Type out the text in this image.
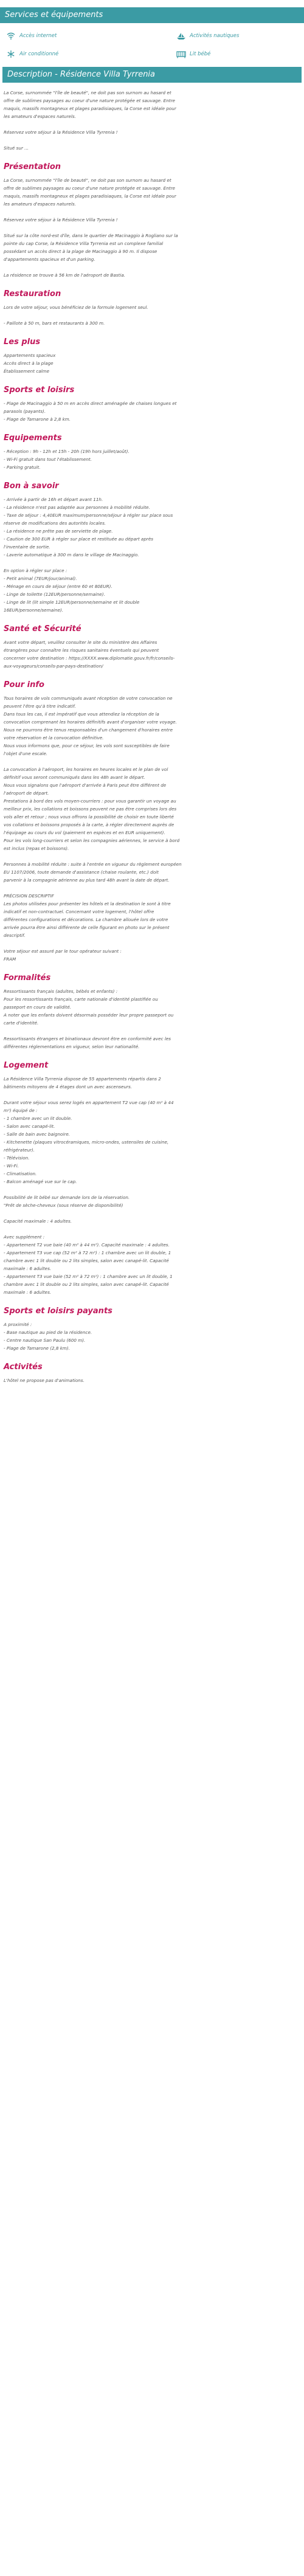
Services et équipements
Accès internet	Activités nautiques
Air conditionné	Lit bébé
Description - Résidence Villa Tyrrenia

La Corse, surnommée "l'île de beauté", ne doit pas son surnom au hasard et

offre de sublimes paysages au coeur d'une nature protégée et sauvage. Entre

maquis, massifs montagneux et plages paradisiaques, la Corse est idéale pour

les amateurs d'espaces naturels.

Réservez votre séjour à la Résidence Villa Tyrrenia !

Situé sur ...

Présentation

La Corse, surnommée "l'île de beauté", ne doit pas son surnom au hasard et

offre de sublimes paysages au coeur d'une nature protégée et sauvage. Entre

maquis, massifs montagneux et plages paradisiaques, la Corse est idéale pour

les amateurs d'espaces naturels.

Réservez votre séjour à la Résidence Villa Tyrrenia !

Situé sur la côte nord-est d'île, dans le quartier de Macinaggio à Rogliano sur la

pointe du cap Corse, la Résidence Villa Tyrrenia est un complexe familial

possédant un accès direct à la plage de Macinaggio à 90 m. Il dispose

d'appartements spacieux et d'un parking.

La résidence se trouve à 56 km de l'aéroport de Bastia.

Restauration

Lors de votre séjour, vous bénéficiez de la formule logement seul.

- Paillote à 50 m, bars et restaurants à 300 m.

Les plus

Appartements spacieux

Accès direct à la plage

Établissement calme

Sports et loisirs

- Plage de Macinaggio à 50 m en accès direct aménagée de chaises longues et

parasols (payants).

- Plage de Tamarone à 2,8 km.

Equipements

- Réception : 9h - 12h et 15h - 20h (19h hors juillet/août).

- Wi-Fi gratuit dans tout l'établissement.

- Parking gratuit.

Bon à savoir

- Arrivée à partir de 16h et départ avant 11h.

- La résidence n'est pas adaptée aux personnes à mobilité réduite.

- Taxe de séjour : 4,40EUR maximum/personne/séjour à régler sur place sous

réserve de modifications des autorités locales.

- La résidence ne prête pas de serviette de plage.

- Caution de 300 EUR à régler sur place et restituée au départ après

l'inventaire de sortie.

- Laverie automatique à 300 m dans le village de Macinaggio.

En option à régler sur place :

- Petit animal (7EUR/jour/animal).

- Ménage en cours de séjour (entre 60 et 80EUR).

- Linge de toilette (12EUR/personne/semaine).

- Linge de lit (lit simple 12EUR/personne/semaine et lit double

16EUR/personne/semaine).

Santé et Sécurité

Avant votre départ, veuillez consulter le site du ministère des Affaires

étrangères pour connaître les risques sanitaires éventuels qui peuvent

concerner votre destination : https://XXXX.www.diplomatie.gouv.fr/fr/conseils-

aux-voyageurs/conseils-par-pays-destination/

Pour info

Tous horaires de vols communiqués avant réception de votre convocation ne

peuvent l'être qu'à titre indicatif.

Dans tous les cas, il est impératif que vous attendiez la réception de la

convocation comprenant les horaires définitifs avant d'organiser votre voyage.

Nous ne pourrons être tenus responsables d'un changement d'horaires entre

votre réservation et la convocation définitive.

Nous vous informons que, pour ce séjour, les vols sont susceptibles de faire

l'objet d'une escale.

La convocation à l'aéroport, les horaires en heures locales et le plan de vol

définitif vous seront communiqués dans les 48h avant le départ.

Nous vous signalons que l'aéroport d'arrivée à Paris peut être différent de

l'aéroport de départ.

Prestations à bord des vols moyen-courriers : pour vous garantir un voyage au

meilleur prix, les collations et boissons peuvent ne pas être comprises lors des

vols aller et retour ; nous vous offrons la possibilité de choisir en toute liberté

vos collations et boissons proposés à la carte, à régler directement auprès de

l'équipage au cours du vol (paiement en espèces et en EUR uniquement).

Pour les vols long-courriers et selon les compagnies aériennes, le service à bord

est inclus (repas et boissons).

Personnes à mobilité réduite : suite à l'entrée en vigueur du règlement européen

EU 1107/2006, toute demande d'assistance (chaise roulante, etc.) doit

parvenir à la compagnie aérienne au plus tard 48h avant la date de départ.

PRÉCISION DESCRIPTIF

Les photos utilisées pour présenter les hôtels et la destination le sont à titre

indicatif et non-contractuel. Concernant votre logement, l'hôtel offre

différentes configurations et décorations. La chambre allouée lors de votre

arrivée pourra être ainsi différente de celle figurant en photo sur le présent

descriptif.

Votre séjour est assuré par le tour opérateur suivant :

FRAM

Formalités

Ressortissants français (adultes, bébés et enfants) :

Pour les ressortissants français, carte nationale d'identité plastifiée ou

passeport en cours de validité.

A noter que les enfants doivent désormais posséder leur propre passeport ou

carte d'identité.

Ressortissants étrangers et binationaux devront être en conformité avec les

différentes réglementations en vigueur, selon leur nationalité.

Logement

La Résidence Villa Tyrrenia dispose de 55 appartements répartis dans 2

bâtiments mitoyens de 4 étages dont un avec ascenseurs.

Durant votre séjour vous serez logés en appartement T2 vue cap (40 m² à 44

m²) équipé de :

- 1 chambre avec un lit double.

- Salon avec canapé-lit.

- Salle de bain avec baignoire.

- Kitchenette (plaques vitrocéramiques, micro-ondes, ustensiles de cuisine,

réfrigérateur).

- Télévision.

- Wi-Fi.

- Climatisation.

- Balcon aménagé vue sur le cap.

Possibilité de lit bébé sur demande lors de la réservation.

"Prêt de sèche-cheveux (sous réserve de disponibilité)

Capacité maximale : 4 adultes.

Avec supplément :

- Appartement T2 vue baie (40 m² à 44 m²). Capacité maximale : 4 adultes.

- Appartement T3 vue cap (52 m² à 72 m²) : 1 chambre avec un lit double, 1

chambre avec 1 lit double ou 2 lits simples, salon avec canapé-lit. Capacité

maximale : 6 adultes.

- Appartement T3 vue baie (52 m² à 72 m²) : 1 chambre avec un lit double, 1

chambre avec 1 lit double ou 2 lits simples, salon avec canapé-lit. Capacité

maximale : 6 adultes.

Sports et loisirs payants

A proximité :

- Base nautique au pied de la résidence.

- Centre nautique San Paulu (600 m).

- Plage de Tamarone (2,8 km).

Activités

L'hôtel ne propose pas d'animations.
